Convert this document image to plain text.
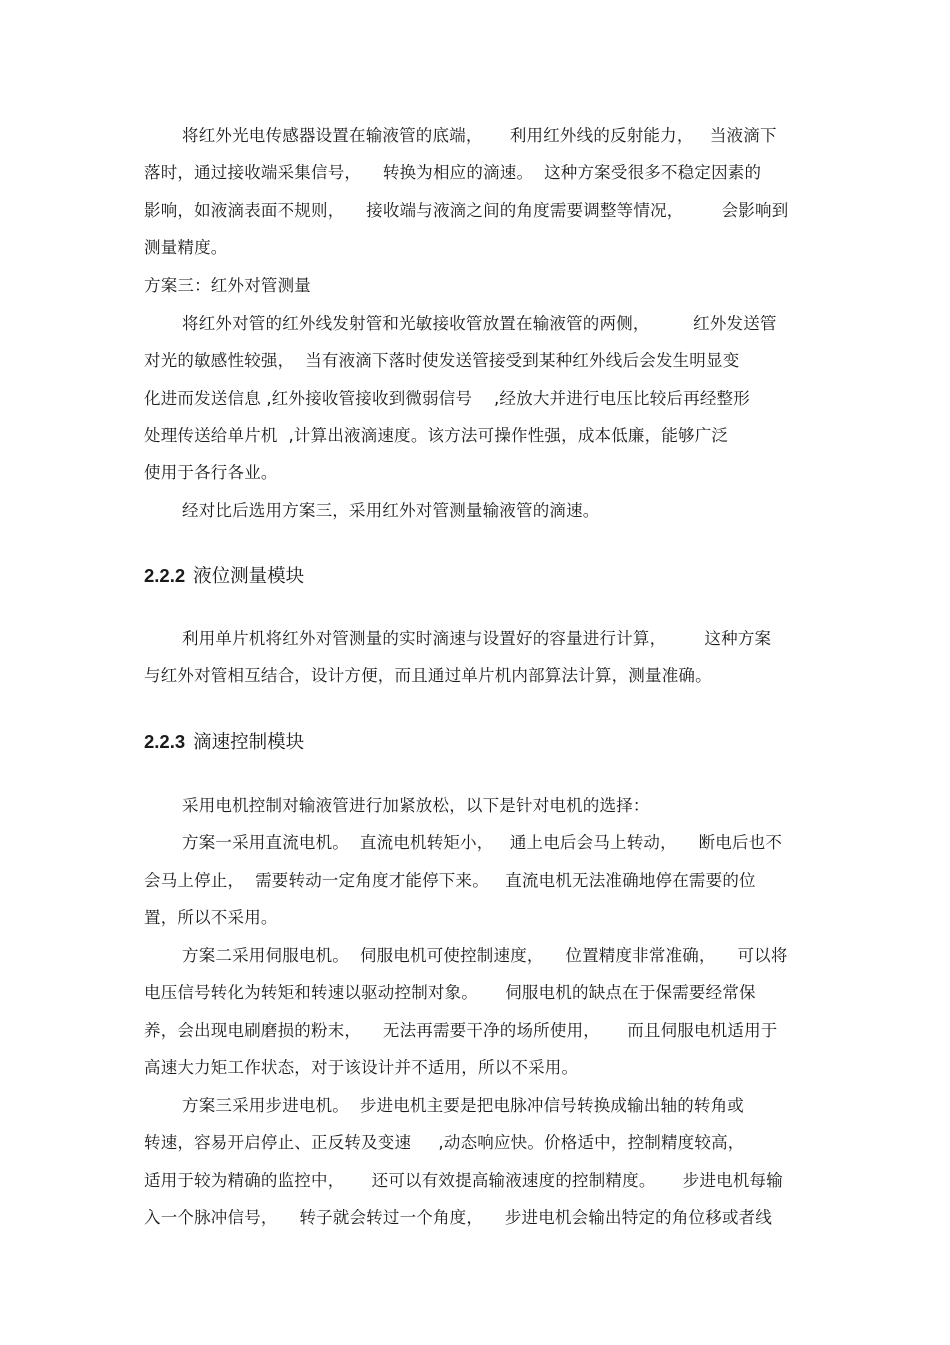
将红外光电传感器设置在输液管的底端，     利用红外线的反射能力，   当液滴下
落时，通过接收端采集信号，    转换为相应的滴速。  这种方案受很多不稳定因素的
影响，如液滴表面不规则，    接收端与液滴之间的角度需要调整等情况，       会影响到
测量精度。
方案三：红外对管测量
将红外对管的红外线发射管和光敏接收管放置在输液管的两侧，        红外发送管
对光的敏感性较强，  当有液滴下落时使发送管接受到某种红外线后会发生明显变
化进而发送信息 ,红外接收管接收到微弱信号    ,经放大并进行电压比较后再经整形
处理传送给单片机  ,计算出液滴速度。该方法可操作性强，成本低廉，能够广泛
使用于各行各业。
经对比后选用方案三，采用红外对管测量输液管的滴速。
2.2.2 液位测量模块
利用单片机将红外对管测量的实时滴速与设置好的容量进行计算，       这种方案
与红外对管相互结合，设计方便，而且通过单片机内部算法计算，测量准确。
2.2.3 滴速控制模块
采用电机控制对输液管进行加紧放松，以下是针对电机的选择：
方案一采用直流电机。  直流电机转矩小，   通上电后会马上转动，    断电后也不
会马上停止，  需要转动一定角度才能停下来。   直流电机无法准确地停在需要的位
置，所以不采用。
方案二采用伺服电机。  伺服电机可使控制速度，    位置精度非常准确，    可以将
电压信号转化为转矩和转速以驱动控制对象。     伺服电机的缺点在于保需要经常保
养，会出现电刷磨损的粉末，    无法再需要干净的场所使用，     而且伺服电机适用于
高速大力矩工作状态，对于该设计并不适用，所以不采用。
方案三采用步进电机。  步进电机主要是把电脉冲信号转换成输出轴的转角或
转速，容易开启停止、正反转及变速     ,动态响应快。价格适中，控制精度较高，
适用于较为精确的监控中，     还可以有效提高输液速度的控制精度。     步进电机每输
入一个脉冲信号，    转子就会转过一个角度，    步进电机会输出特定的角位移或者线
